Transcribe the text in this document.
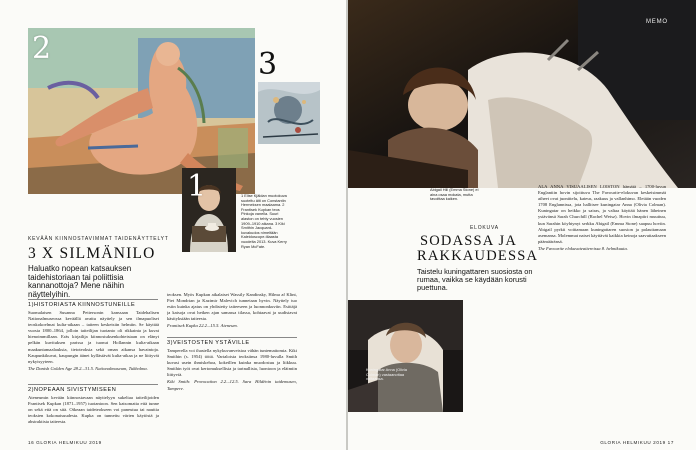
2	3
1	1 Elise Kjäldan muotokuva suoteltu äiti on Constantin Hermeksen maalaama. 2 Frantisek Kupkan teos Pinkoja vanella. Suuri alaston on tehty vuosien 1909–1910 aikana. 3 Kiki Smithin Jacquard-kuvakudos nimeltään Kaleidoscope-tilaasta vuodelta 2013. Kuva Kerry Ryan McFate.
KEVÄÄN KIINNOSTAVIMMAT TAIDENÄYTTELYT
3 X SILMÄNILO
Haluatko nopean katsauksen taidehistoriaan tai poliittisia kannanottoja? Mene näihin näyttelyihin.
1)HISTORIASTA KIINNOSTUNEILLE
Suomalaisen Susanna Pettersonin kanssaan Taidehalisen Nationalmuseossa keväällä avattu näyttely ja sen ilmapuoliset teoskokoelmat kulta-aikaan – taiteen keskeisiin helmiin. Se käyttää vuosia 1800–1864, jolloin taiteilijan tuotanto oli rikkainta ja kuvat hienoimmillaan. Eräs kirjailija kiinnostuksenkohteistaan on elänyt pelkän kuvituksen parissa ja tuonut Hollannin kulta-aikaan maakuntamaalauksia, tietoteoksia sekä oman aikansa havaintoja. Kaupunkikuvat, kaupungin äänet kyllästävät kulta-aikaa ja ne liittyvät nykyisyyteen.
The Danish Golden Age 28.2.–31.5. Nationalmuseum, Tukholma.
2)NOPEAAN SIVISTYMISEEN
Ateneumin kevään kiinnostavaan näyttelyyn sukeltaa taiteilijoiden Frantisek Kupkan (1871–1957) tuotantoon. Sen katsomatta että tunne on sekä että on sitä. Oikeaan taideteokseen voi paneutua tai nauttia teoksien kokonaisuudesta. Kupka on tunnettu värien käytöstä ja abstraktista taiteesta.
teoksen. Myös Kupkan aikalaiset Wassily Kandinsky, Hilma af Klint, Piet Mondrian ja Kazimir Malevich tunnetaan hyvin. Näyttely tuo esiin kuinka ajatus on yhdistetty taiteeseen ja luonnonkuviin. Esittäjä ja katsoja ovat hetken ajan samassa tilassa, kohtaavat ja uudistavat käsityksiään taiteesta.
Frantisek Kupka 22.2.–15.5. Ateneum.
3)VEISTOSTEN YSTÄVILLE
Tamperella voi ihastella nykykuvanveistoa vähän tuntemattomia. Kiki Smithin (s. 1954) töitä. Vartaloista teoksiinsa 1980-luvulla Smith kuvasi usein ihmiskehoa, kokeillen kuinka muodostuu ja liikkuu. Smithin työt ovat kertomuksellisia ja tarinallisia, luontoon ja eläimiin liittyviä.
Kiki Smith: Provocation 2.2.–12.5. Sara Hildénin taidemuseo, Tampere.
16 GLORIA HELMIKUU 2019
MEMO
Abigail Hill (Emma Stone) ei aina osaa mokata, mutta tavoittaa kaiken.
Kuningatar Anna (Olivia Colman) vastaanottaa valtaansa.
ELOKUVA
SODASSA JA RAKKAUDESSA
Taistelu kuningattaren suosiosta on rumaa, vaikka se käydään korusti puettuna.
ALA ANNA VISUAALISEN LOISTON hämätä – 1700-luvun Englantiin hovin sijoittuva The Favourite-elokuvan keskeisimmät aiheet ovat juonittelu, kateus, raakuus ja vallanhimo. Eletään vuoden 1708 Englannissa, jota hallitsee kuningatar Anna (Olivia Colman). Kuningatar on heikko ja sairas, ja valtaa käyttää hänen läheinen ystävänsä Sarah Churchill (Rachel Weisz). Hovin ilmapiiri muuttuu, kun Sarahin köyhtynyt serkku Abigail (Emma Stone) saapuu hoviin. Abigail pyrkii voittamaan kuningattaren suosion ja palauttamaan asemansa. Molemmat naiset käyttävät kaikkia keinoja saavuttaakseen päämääränsä.
The Favourite elokuvateattereissa 8. helmikuuta.
GLORIA HELMIKUU 2019 17
